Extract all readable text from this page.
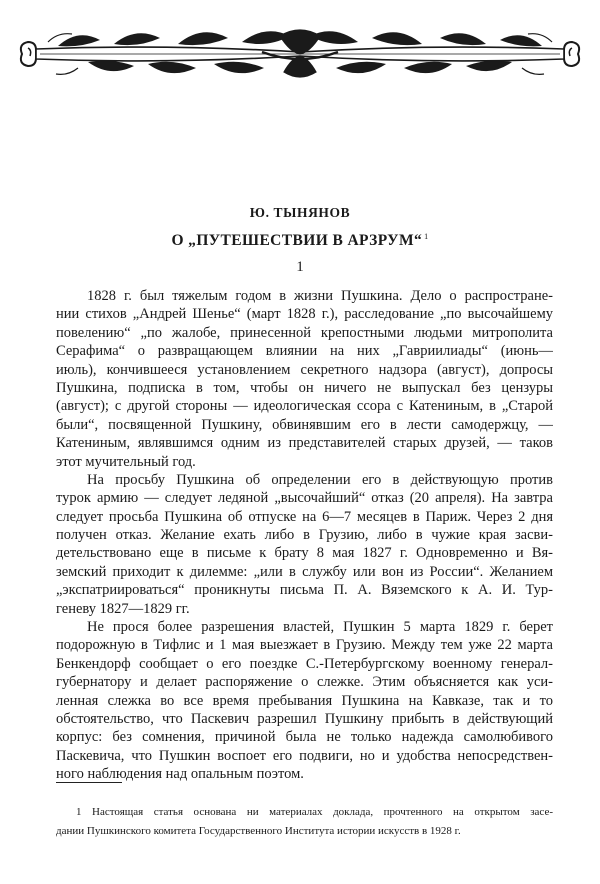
Ю. ТЫНЯНОВ
О „ПУТЕШЕСТВИИ В АРЗРУМ“ $^1$
1
1828 г. был тяжелым годом в жизни Пушкина. Дело о распростране-
нии стихов „Андрей Шенье“ (март 1828 г.), расследование „по высочайшему
повелению“ „по жалобе, принесенной крепостными людьми митрополита
Серафима“ о развращающем влиянии на них „Гавриилиады“ (июнь—
июль), кончившееся установлением секретного надзора (август), допросы
Пушкина, подписка в том, чтобы он ничего не выпускал без цензуры
(август); с другой стороны — идеологическая ссора с Катениным, в „Старой
были“, посвященной Пушкину, обвинявшим его в лести самодержцу, —
Катениным, являвшимся одним из представителей старых друзей, — таков
этот мучительный год.
На просьбу Пушкина об определении его в действующую против
турок армию — следует ледяной „высочайший“ отказ (20 апреля). На завтра
следует просьба Пушкина об отпуске на 6—7 месяцев в Париж. Через 2 дня
получен отказ. Желание ехать либо в Грузию, либо в чужие края засви-
детельствовано еще в письме к брату 8 мая 1827 г. Одновременно и Вя-
земский приходит к дилемме: „или в службу или вон из России“. Желанием
„экспатриироваться“ проникнуты письма П. А. Вяземского к А. И. Тур-
геневу 1827—1829 гг.
Не прося более разрешения властей, Пушкин 5 марта 1829 г. берет
подорожную в Тифлис и 1 мая выезжает в Грузию. Между тем уже 22 марта
Бенкендорф сообщает о его поездке С.-Петербургскому военному генерал-
губернатору и делает распоряжение о слежке. Этим объясняется как уси-
ленная слежка во все время пребывания Пушкина на Кавказе, так и то
обстоятельство, что Паскевич разрешил Пушкину прибыть в действующий
корпус: без сомнения, причиной была не только надежда самолюбивого
Паскевича, что Пушкин воспоет его подвиги, но и удобства непосредствен-
ного наблюдения над опальным поэтом.
1 Настоящая статья основана ни материалах доклада, прочтенного на открытом засе-
дании Пушкинского комитета Государственного Института истории искусств в 1928 г.
